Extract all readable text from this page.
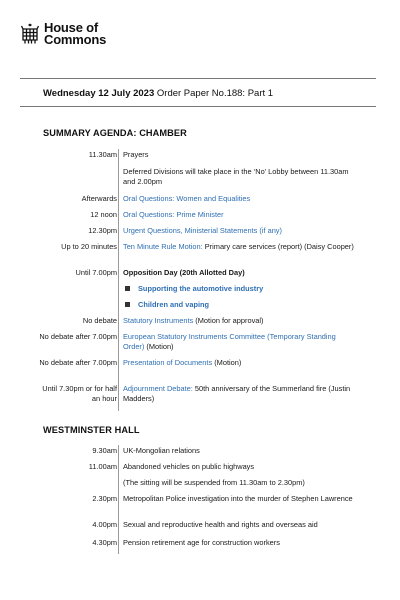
House of
Commons
Wednesday 12 July 2023 Order Paper No.188: Part 1
SUMMARY AGENDA: CHAMBER
11.30am Prayers
Deferred Divisions will take place in the ‘No’ Lobby between 11.30am and 2.00pm
Afterwards Oral Questions: Women and Equalities
12 noon Oral Questions: Prime Minister
12.30pm Urgent Questions, Ministerial Statements (if any)
Up to 20 minutes Ten Minute Rule Motion: Primary care services (report) (Daisy Cooper)
Until 7.00pm Opposition Day (20th Allotted Day)
Supporting the automotive industry
Children and vaping
No debate Statutory Instruments (Motion for approval)
No debate after 7.00pm European Statutory Instruments Committee (Temporary Standing Order) (Motion)
No debate after 7.00pm Presentation of Documents (Motion)
Until 7.30pm or for half an hour
Adjournment Debate: 50th anniversary of the Summerland fire (Justin Madders)
WESTMINSTER HALL
9.30am UK-Mongolian relations
11.00am Abandoned vehicles on public highways
(The sitting will be suspended from 11.30am to 2.30pm)
2.30pm Metropolitan Police investigation into the murder of Stephen Lawrence
4.00pm Sexual and reproductive health and rights and overseas aid
4.30pm Pension retirement age for construction workers
